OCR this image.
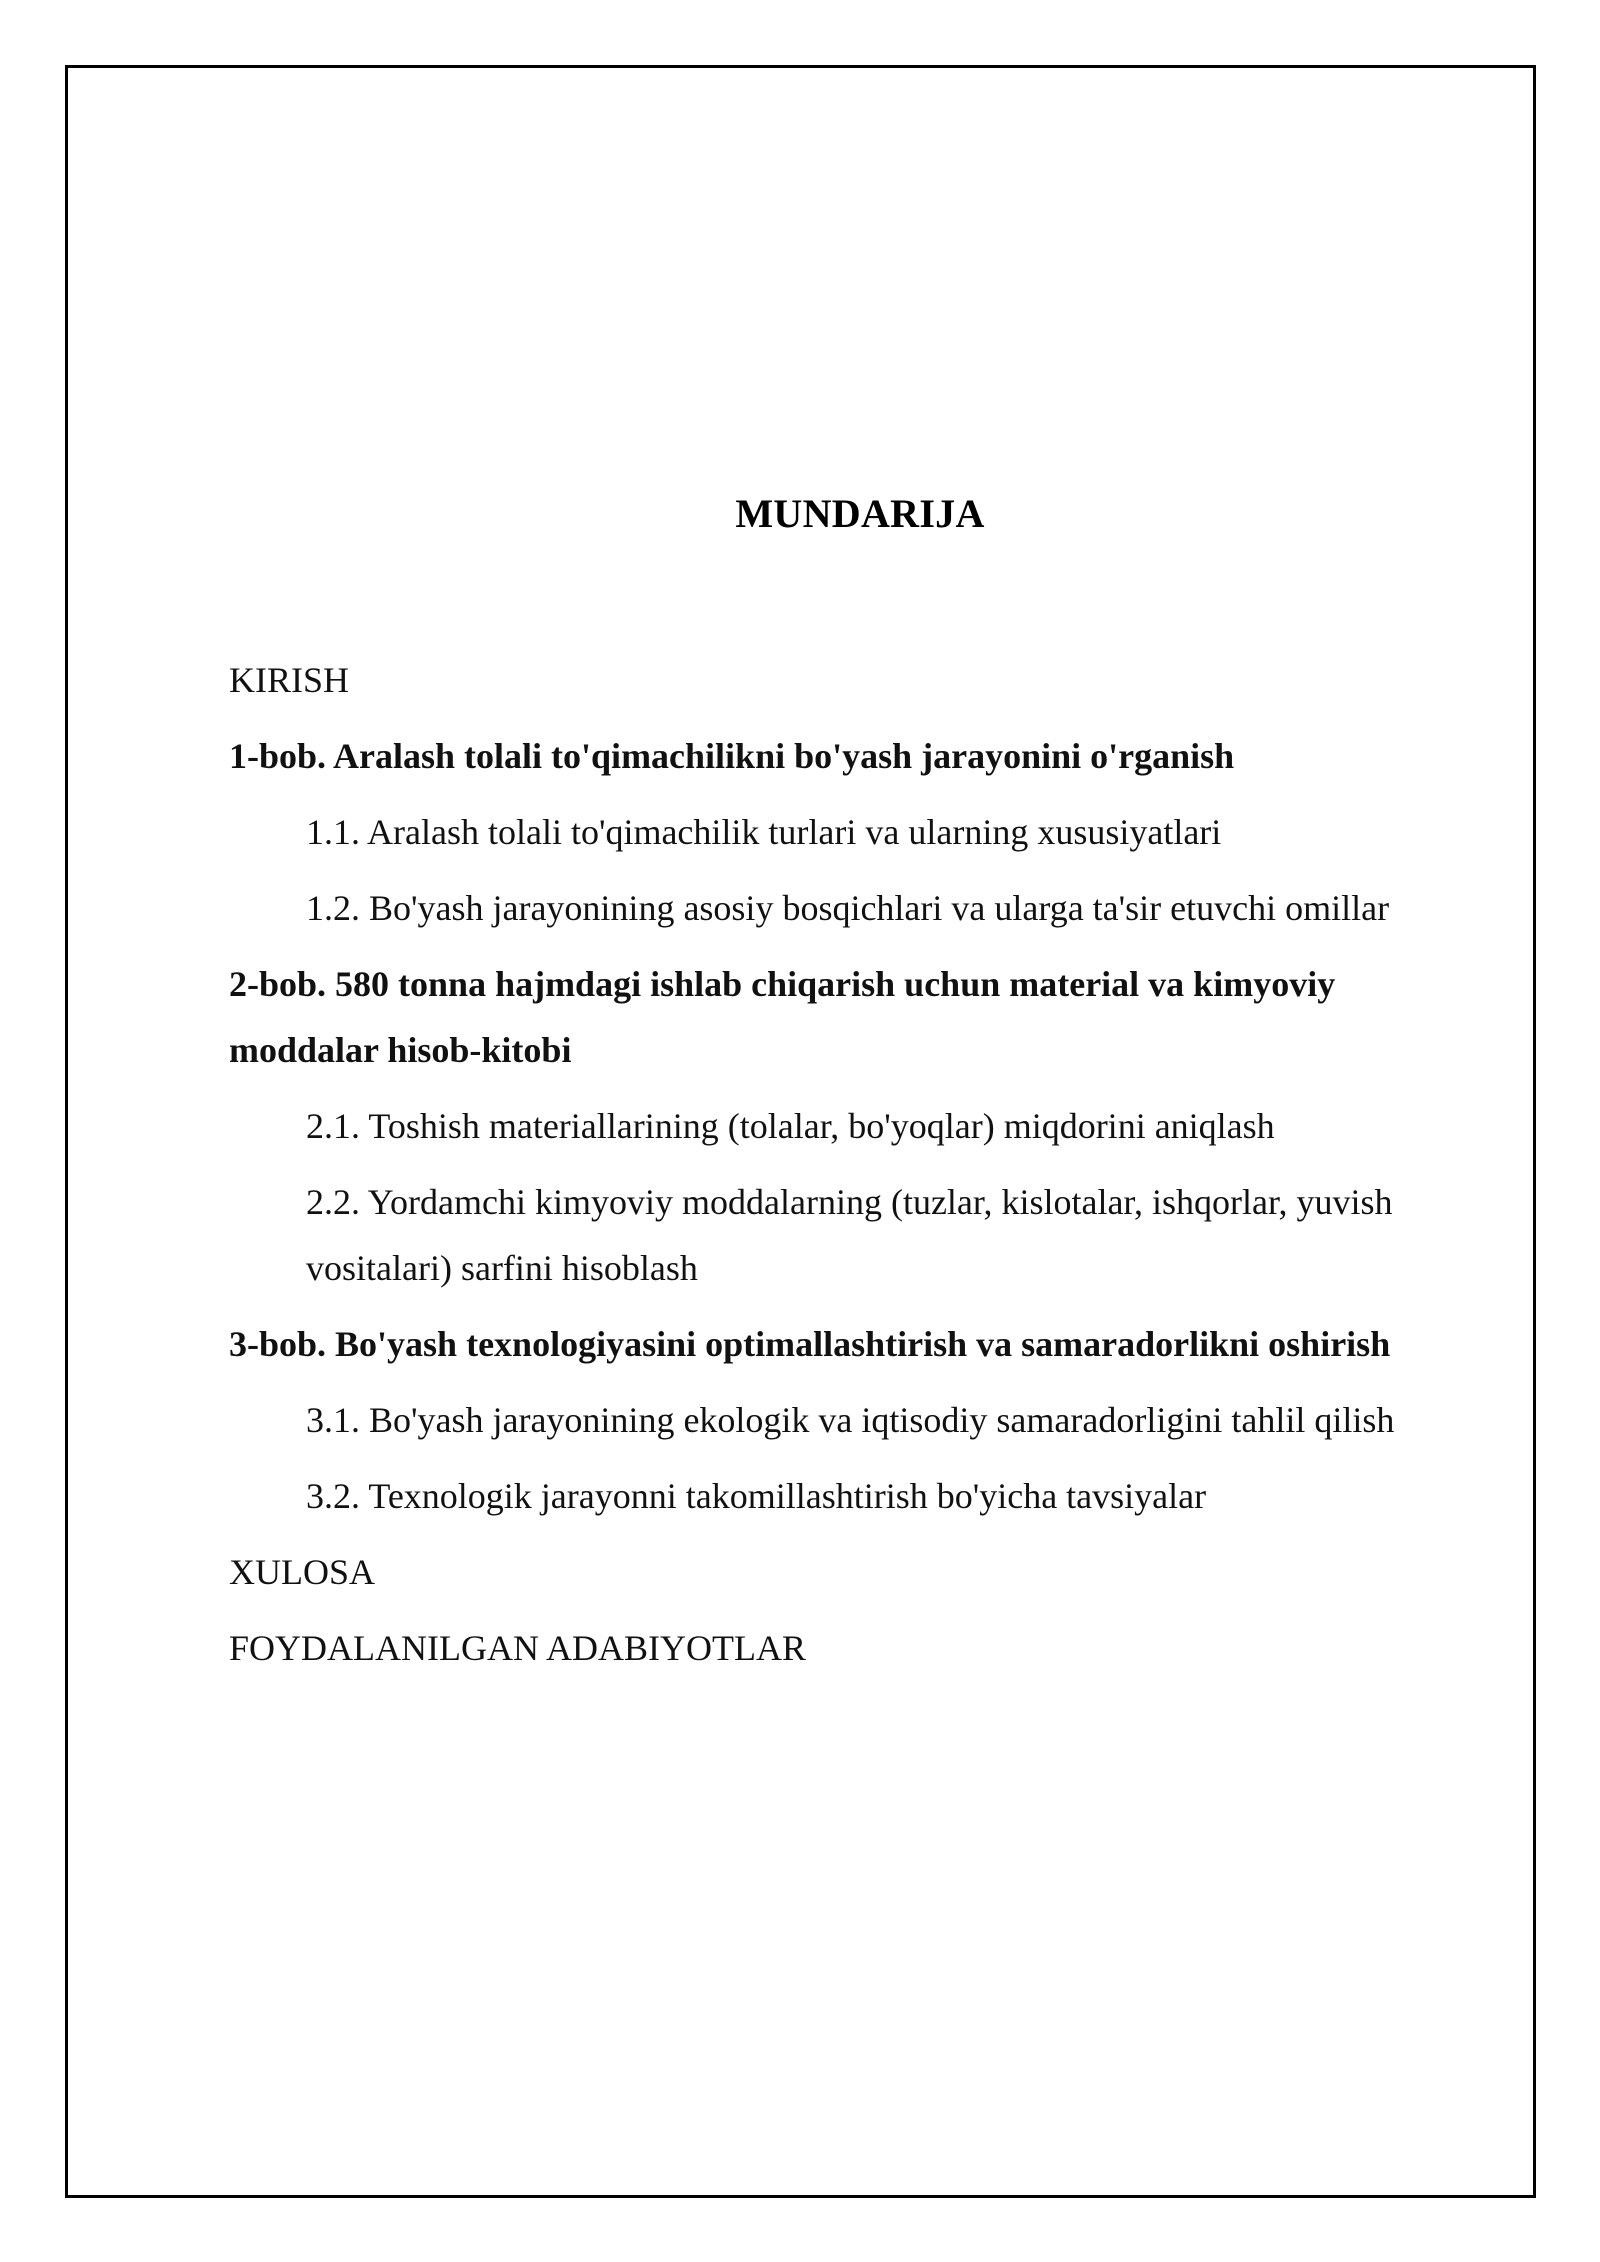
MUNDARIJA
KIRISH
1-bob. Aralash tolali to'qimachilikni bo'yash jarayonini o'rganish
1.1. Aralash tolali to'qimachilik turlari va ularning xususiyatlari
1.2. Bo'yash jarayonining asosiy bosqichlari va ularga ta'sir etuvchi omillar
2-bob. 580 tonna hajmdagi ishlab chiqarish uchun material va kimyoviy moddalar hisob-kitobi
2.1. Toshish materiallarining (tolalar, bo'yoqlar) miqdorini aniqlash
2.2. Yordamchi kimyoviy moddalarning (tuzlar, kislotalar, ishqorlar, yuvish vositalari) sarfini hisoblash
3-bob. Bo'yash texnologiyasini optimallashtirish va samaradorlikni oshirish
3.1. Bo'yash jarayonining ekologik va iqtisodiy samaradorligini tahlil qilish
3.2. Texnologik jarayonni takomillashtirish bo'yicha tavsiyalar
XULOSA
FOYDALANILGAN ADABIYOTLAR
